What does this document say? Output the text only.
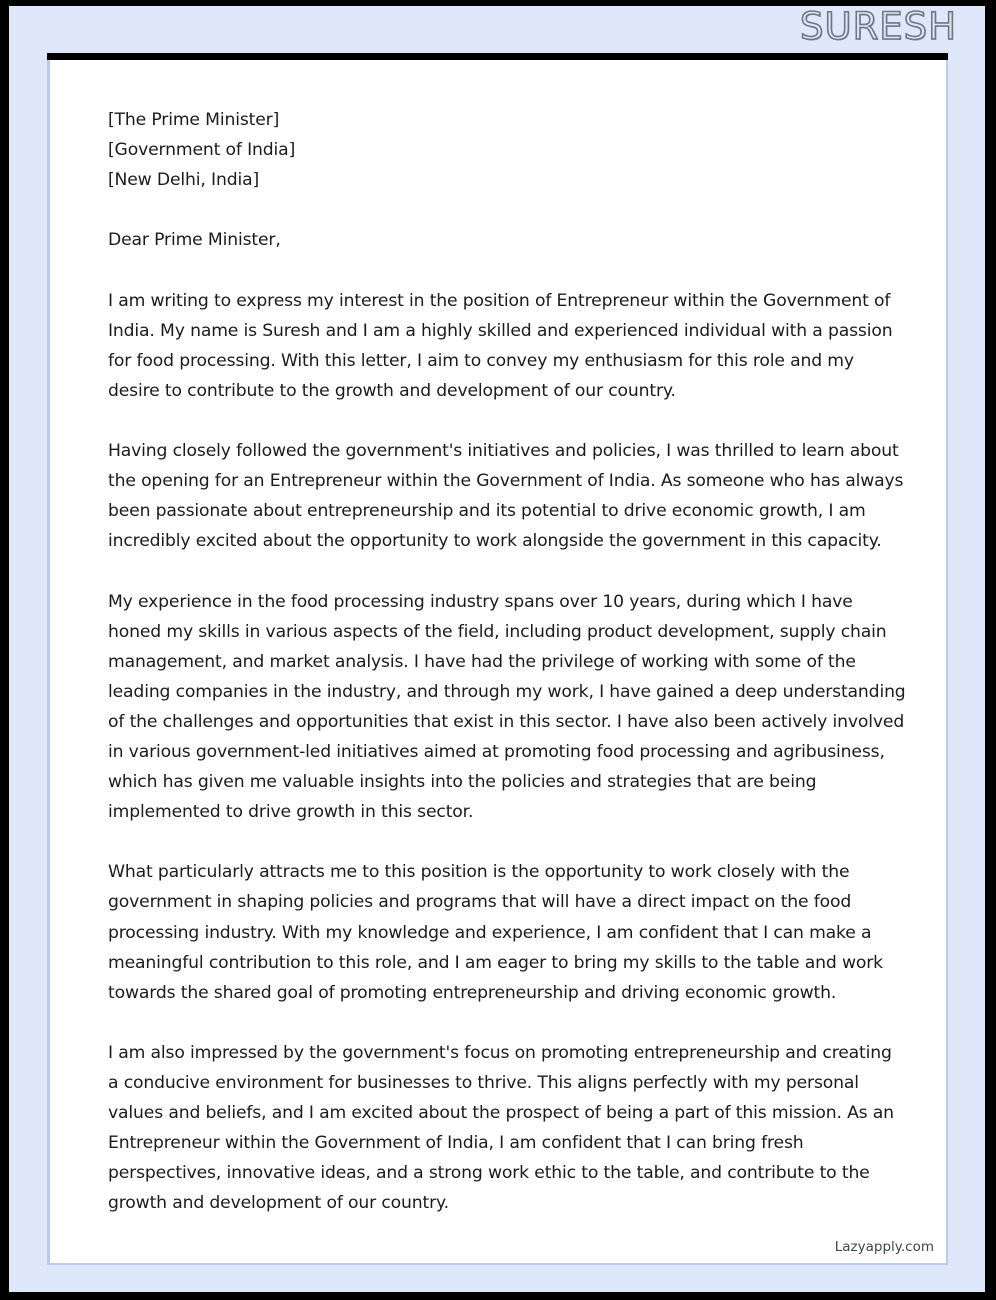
SURESH
[The Prime Minister]
[Government of India]
[New Delhi, India]
Dear Prime Minister,

I am writing to express my interest in the position of Entrepreneur within the Government of India. My name is Suresh and I am a highly skilled and experienced individual with a passion for food processing. With this letter, I aim to convey my enthusiasm for this role and my desire to contribute to the growth and development of our country.

Having closely followed the government's initiatives and policies, I was thrilled to learn about the opening for an Entrepreneur within the Government of India. As someone who has always been passionate about entrepreneurship and its potential to drive economic growth, I am incredibly excited about the opportunity to work alongside the government in this capacity.

My experience in the food processing industry spans over 10 years, during which I have honed my skills in various aspects of the field, including product development, supply chain management, and market analysis. I have had the privilege of working with some of the leading companies in the industry, and through my work, I have gained a deep understanding of the challenges and opportunities that exist in this sector. I have also been actively involved in various government-led initiatives aimed at promoting food processing and agribusiness, which has given me valuable insights into the policies and strategies that are being implemented to drive growth in this sector.

What particularly attracts me to this position is the opportunity to work closely with the government in shaping policies and programs that will have a direct impact on the food processing industry. With my knowledge and experience, I am confident that I can make a meaningful contribution to this role, and I am eager to bring my skills to the table and work towards the shared goal of promoting entrepreneurship and driving economic growth.

I am also impressed by the government's focus on promoting entrepreneurship and creating a conducive environment for businesses to thrive. This aligns perfectly with my personal values and beliefs, and I am excited about the prospect of being a part of this mission. As an Entrepreneur within the Government of India, I am confident that I can bring fresh perspectives, innovative ideas, and a strong work ethic to the table, and contribute to the growth and development of our country.

Lazyapply.com
